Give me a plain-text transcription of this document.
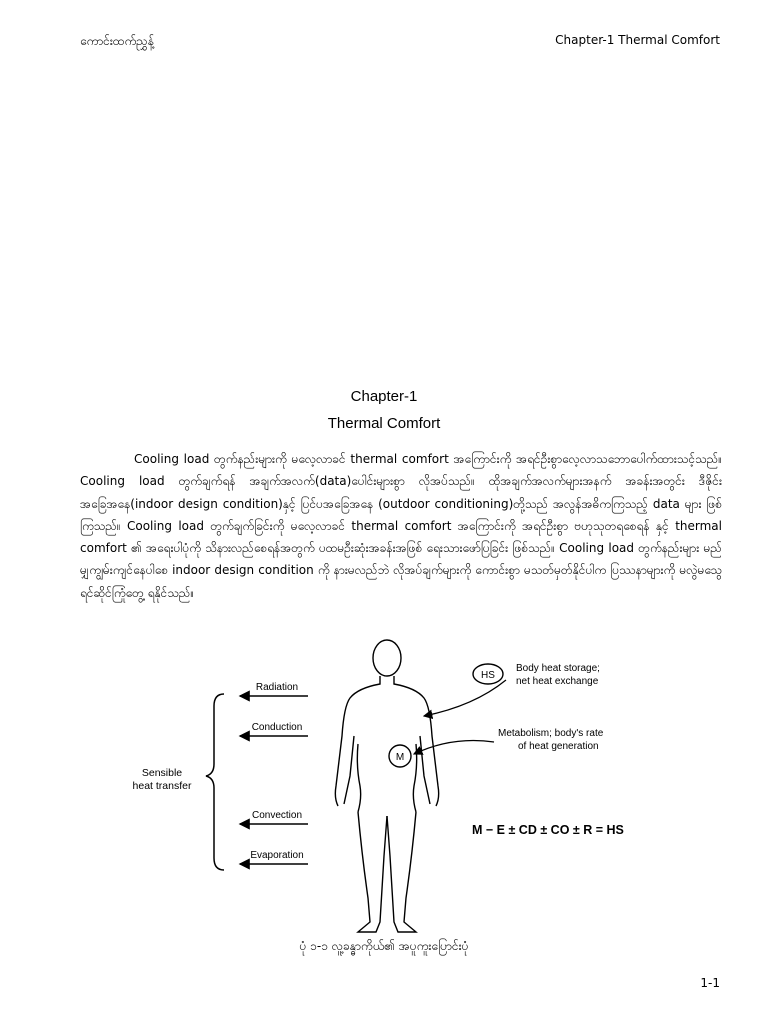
ကောင်းထက်ညွှန့်	Chapter-1 Thermal Comfort
Chapter-1
Thermal Comfort

Cooling load တွက်နည်းများကို မလေ့လာခင် thermal comfort အကြောင်းကို အရင်ဦးစွာလေ့လာသဘောပေါက်ထားသင့်သည်။ Cooling load တွက်ချက်ရန် အချက်အလက်(data)ပေါင်းများစွာ လိုအပ်သည်။ ထိုအချက်အလက်များအနက် အခန်းအတွင်း ဒီဇိုင်းအခြေအနေ(indoor design condition)နှင့် ပြင်ပအခြေအနေ (outdoor conditioning)တို့သည် အလွန်အဓိကကြသည့် data များ ဖြစ်ကြသည်။ Cooling load တွက်ချက်ခြင်းကို မလေ့လာခင် thermal comfort အကြောင်းကို အရင်ဦးစွာ ဗဟုသုတရစေရန် နှင့် thermal comfort ၏ အရေးပါပုံကို သိနားလည်စေရန်အတွက် ပထမဦးဆုံးအခန်းအဖြစ် ရေးသားဖော်ပြခြင်း ဖြစ်သည်။ Cooling load တွက်နည်းများ မည်မျှကျွမ်းကျင်နေပါစေ indoor design condition ကို နားမလည်ဘဲ လိုအပ်ချက်များကို ကောင်းစွာ မသတ်မှတ်နိုင်ပါက ပြဿနာများကို မလွဲမသွေ ရင်ဆိုင်ကြုံတွေ့ ရနိုင်သည်။

Sensible
heat transfer
Radiation
Conduction
Convection
Evaporation
HS
Body heat storage;
net heat exchange
M
Metabolism; body's rate
of heat generation
M − E ± CD ± CO ± R = HS
ပုံ ၁-၁ လူ့ခန္ဓာကိုယ်၏ အပူကူးပြောင်းပုံ
1-1
